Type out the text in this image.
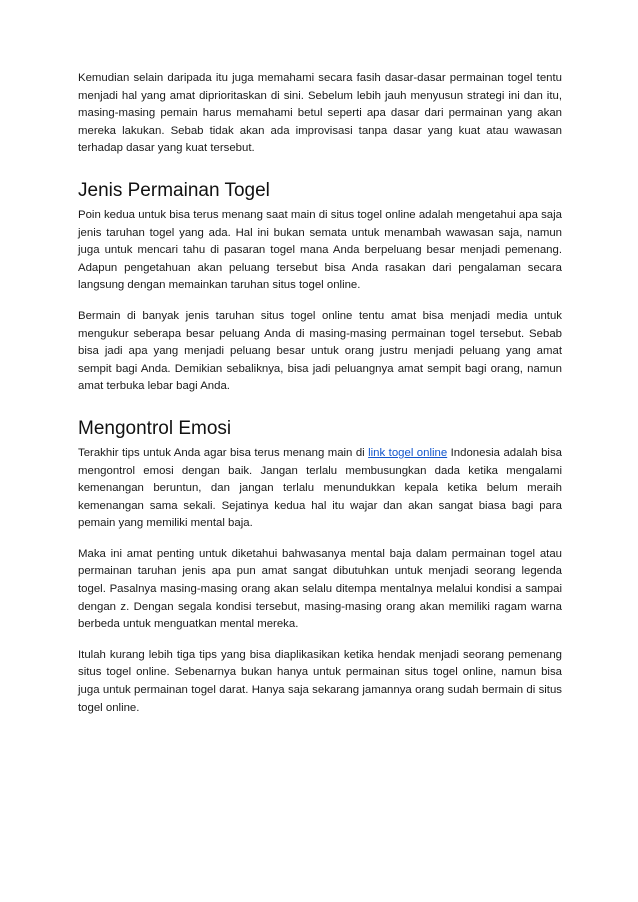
Kemudian selain daripada itu juga memahami secara fasih dasar-dasar permainan togel tentu menjadi hal yang amat diprioritaskan di sini. Sebelum lebih jauh menyusun strategi ini dan itu, masing-masing pemain harus memahami betul seperti apa dasar dari permainan yang akan mereka lakukan. Sebab tidak akan ada improvisasi tanpa dasar yang kuat atau wawasan terhadap dasar yang kuat tersebut.

Jenis Permainan Togel

Poin kedua untuk bisa terus menang saat main di situs togel online adalah mengetahui apa saja jenis taruhan togel yang ada. Hal ini bukan semata untuk menambah wawasan saja, namun juga untuk mencari tahu di pasaran togel mana Anda berpeluang besar menjadi pemenang. Adapun pengetahuan akan peluang tersebut bisa Anda rasakan dari pengalaman secara langsung dengan memainkan taruhan situs togel online.

Bermain di banyak jenis taruhan situs togel online tentu amat bisa menjadi media untuk mengukur seberapa besar peluang Anda di masing-masing permainan togel tersebut. Sebab bisa jadi apa yang menjadi peluang besar untuk orang justru menjadi peluang yang amat sempit bagi Anda. Demikian sebaliknya, bisa jadi peluangnya amat sempit bagi orang, namun amat terbuka lebar bagi Anda.

Mengontrol Emosi

Terakhir tips untuk Anda agar bisa terus menang main di link togel online Indonesia adalah bisa mengontrol emosi dengan baik. Jangan terlalu membusungkan dada ketika mengalami kemenangan beruntun, dan jangan terlalu menundukkan kepala ketika belum meraih kemenangan sama sekali. Sejatinya kedua hal itu wajar dan akan sangat biasa bagi para pemain yang memiliki mental baja.

Maka ini amat penting untuk diketahui bahwasanya mental baja dalam permainan togel atau permainan taruhan jenis apa pun amat sangat dibutuhkan untuk menjadi seorang legenda togel. Pasalnya masing-masing orang akan selalu ditempa mentalnya melalui kondisi a sampai dengan z. Dengan segala kondisi tersebut, masing-masing orang akan memiliki ragam warna berbeda untuk menguatkan mental mereka.

Itulah kurang lebih tiga tips yang bisa diaplikasikan ketika hendak menjadi seorang pemenang situs togel online. Sebenarnya bukan hanya untuk permainan situs togel online, namun bisa juga untuk permainan togel darat. Hanya saja sekarang jamannya orang sudah bermain di situs togel online.
